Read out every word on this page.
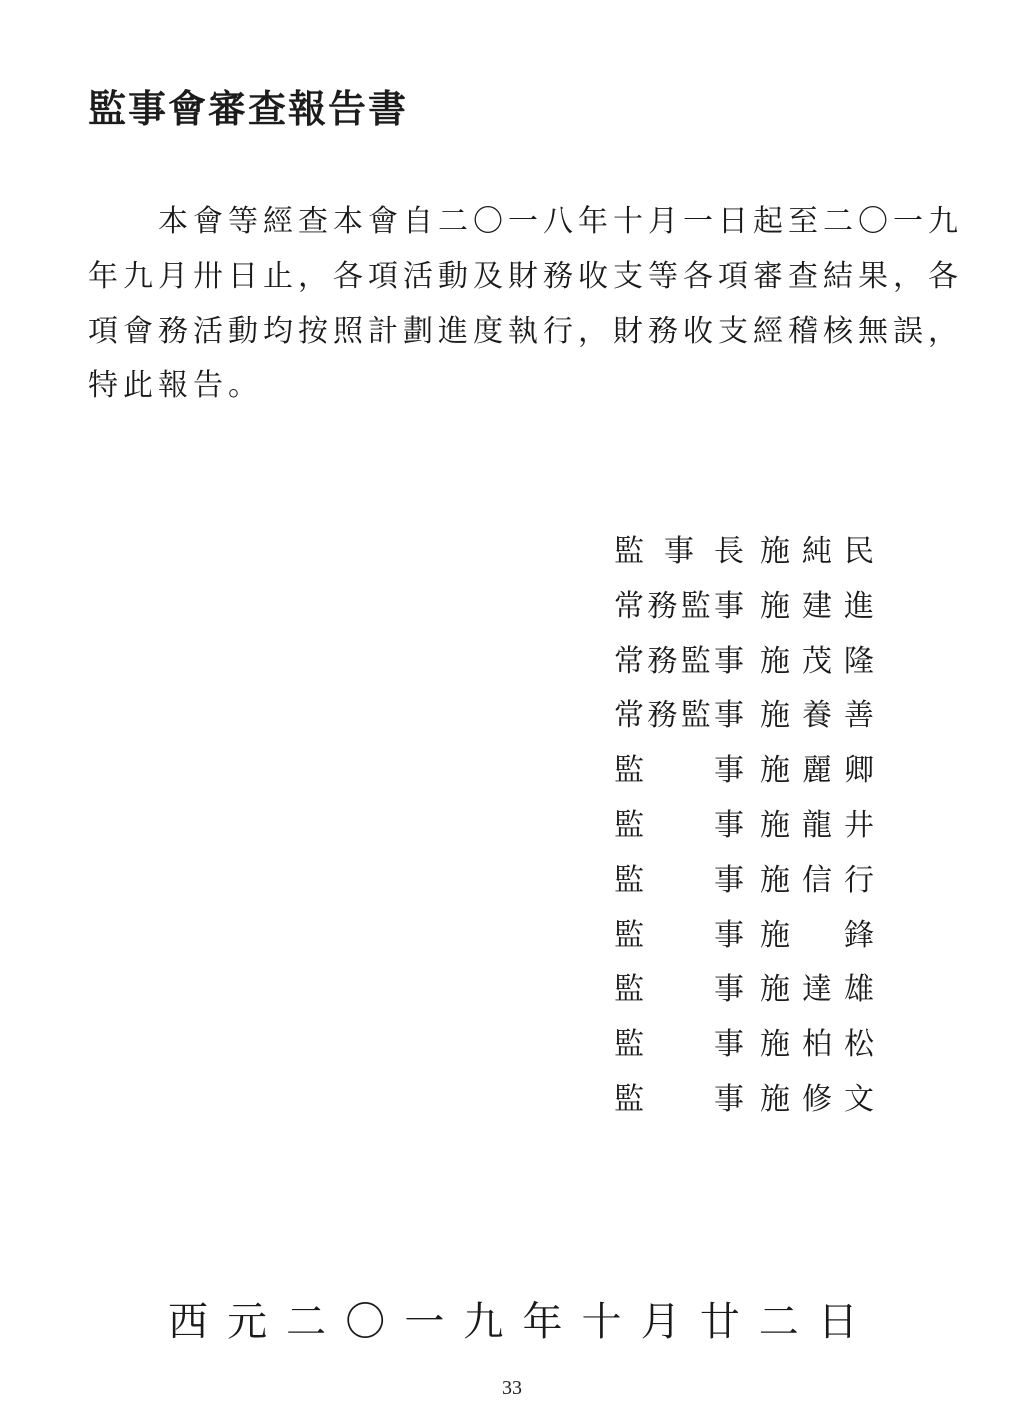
監事會審查報告書
　　本會等經查本會自二〇一八年十月一日起至二〇一九
年九月卅日止，各項活動及財務收支等各項審查結果，各
項會務活動均按照計劃進度執行，財務收支經稽核無誤，
特此報告。
監 事 長 施 純 民
常 務 監 事 施 建 進
常 務 監 事 施 茂 隆
常 務 監 事 施 養 善
監 事 施 麗 卿
監 事 施 龍 井
監 事 施 信 行
監 事 施 鋒
監 事 施 達 雄
監 事 施 柏 松
監 事 施 修 文
西 元 二 〇 一 九 年 十 月 廿 二 日
33
